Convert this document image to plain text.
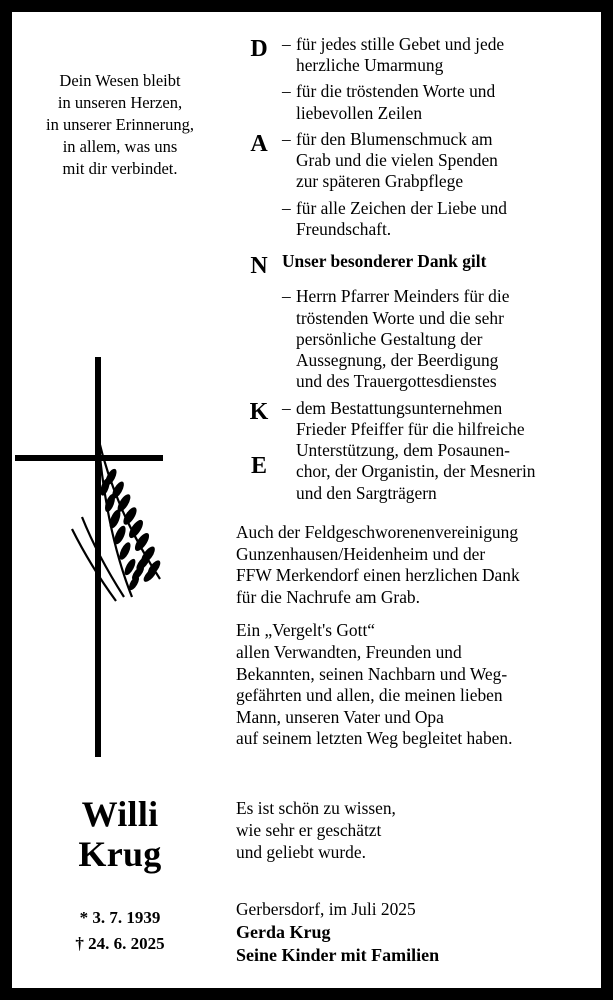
Dein Wesen bleibt
in unseren Herzen,
in unserer Erinnerung,
in allem, was uns
mit dir verbindet.
Willi
Krug
* 3. 7. 1939
† 24. 6. 2025
D – für jedes stille Gebet und jede
herzliche Umarmung
– für die tröstenden Worte und
liebevollen Zeilen
A – für den Blumenschmuck am
Grab und die vielen Spenden
zur späteren Grabpflege
– für alle Zeichen der Liebe und
Freundschaft.
N Unser besonderer Dank gilt
– Herrn Pfarrer Meinders für die
tröstenden Worte und die sehr
persönliche Gestaltung der
Aussegnung, der Beerdigung
und des Trauergottesdienstes
K – dem Bestattungsunternehmen
Frieder Pfeiffer für die hilfreiche
Unterstützung, dem Posaunen-
chor, der Organistin, der Mesnerin
und den Sargträgern
E
Auch der Feldgeschworenenvereinigung
Gunzenhausen/Heidenheim und der
FFW Merkendorf einen herzlichen Dank
für die Nachrufe am Grab.
Ein „Vergelt's Gott“
allen Verwandten, Freunden und
Bekannten, seinen Nachbarn und Weg-
gefährten und allen, die meinen lieben
Mann, unseren Vater und Opa
auf seinem letzten Weg begleitet haben.
Es ist schön zu wissen,
wie sehr er geschätzt
und geliebt wurde.
Gerbersdorf, im Juli 2025
Gerda Krug
Seine Kinder mit Familien
